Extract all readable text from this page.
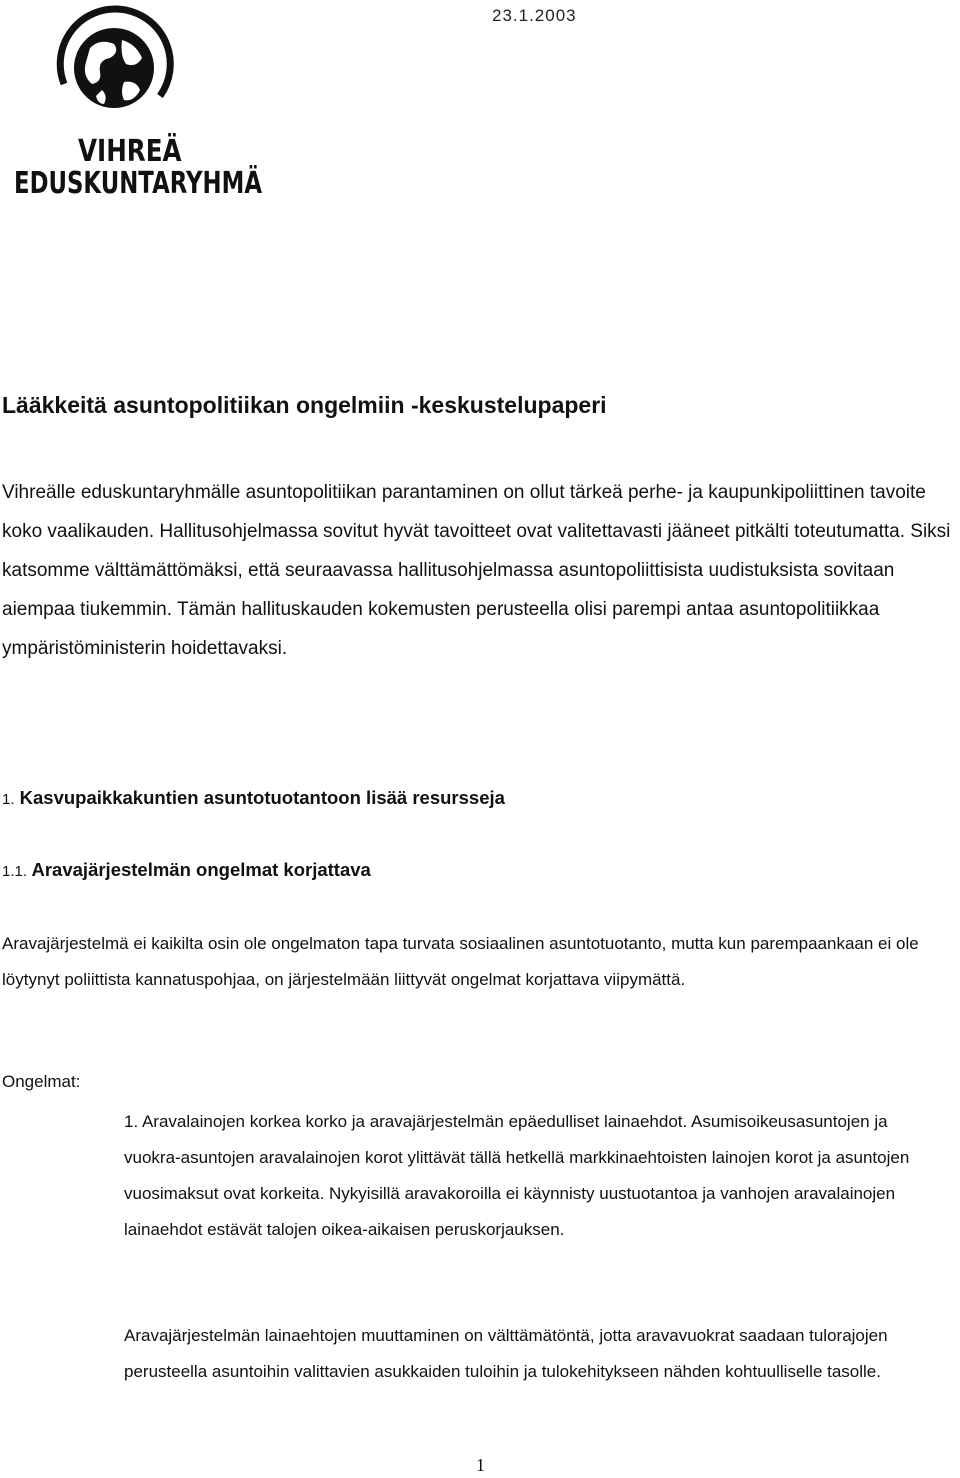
23.1.2003
VIHREÄ
EDUSKUNTARYHMÄ
Lääkkeitä asuntopolitiikan ongelmiin -keskustelupaperi

Vihreälle eduskuntaryhmälle asuntopolitiikan parantaminen on ollut tärkeä perhe- ja kaupunkipoliittinen tavoite koko vaalikauden. Hallitusohjelmassa sovitut hyvät tavoitteet ovat valitettavasti jääneet pitkälti toteutumatta. Siksi katsomme välttämättömäksi, että seuraavassa hallitusohjelmassa asuntopoliittisista uudistuksista sovitaan aiempaa tiukemmin. Tämän hallituskauden kokemusten perusteella olisi parempi antaa asuntopolitiikkaa ympäristöministerin hoidettavaksi.

1. Kasvupaikkakuntien asuntotuotantoon lisää resursseja
1.1. Aravajärjestelmän ongelmat korjattava

Aravajärjestelmä ei kaikilta osin ole ongelmaton tapa turvata sosiaalinen asuntotuotanto, mutta kun parempaankaan ei ole löytynyt poliittista kannatuspohjaa, on järjestelmään liittyvät ongelmat korjattava viipymättä.

Ongelmat:

1. Aravalainojen korkea korko ja aravajärjestelmän epäedulliset lainaehdot. Asumisoikeusasuntojen ja vuokra-asuntojen aravalainojen korot ylittävät tällä hetkellä markkinaehtoisten lainojen korot ja asuntojen vuosimaksut ovat korkeita. Nykyisillä aravakoroilla ei käynnisty uustuotantoa ja vanhojen aravalainojen lainaehdot estävät talojen oikea-aikaisen peruskorjauksen.

Aravajärjestelmän lainaehtojen muuttaminen on välttämätöntä, jotta aravavuokrat saadaan tulorajojen perusteella asuntoihin valittavien asukkaiden tuloihin ja tulokehitykseen nähden kohtuulliselle tasolle.

1
